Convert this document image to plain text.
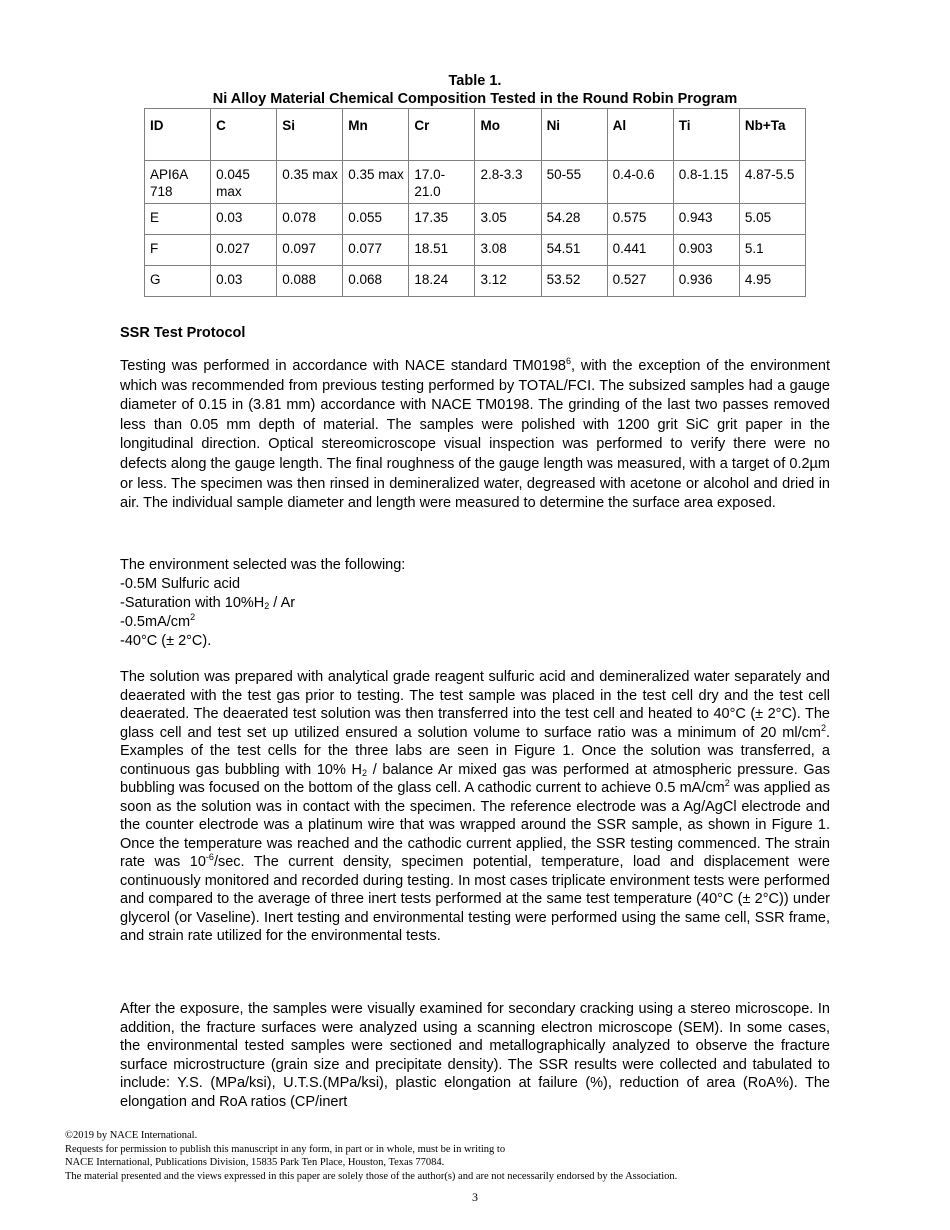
Table 1.
Ni Alloy Material Chemical Composition Tested in the Round Robin Program
ID	C	Si	Mn	Cr	Mo	Ni	Al	Ti	Nb+Ta
API6A 718	0.045 max	0.35 max	0.35 max	17.0-21.0	2.8-3.3	50-55	0.4-0.6	0.8-1.15	4.87-5.5
E	0.03	0.078	0.055	17.35	3.05	54.28	0.575	0.943	5.05
F	0.027	0.097	0.077	18.51	3.08	54.51	0.441	0.903	5.1
G	0.03	0.088	0.068	18.24	3.12	53.52	0.527	0.936	4.95
SSR Test Protocol

Testing was performed in accordance with NACE standard TM0198$^6$, with the exception of the environment which was recommended from previous testing performed by TOTAL/FCI. The subsized samples had a gauge diameter of 0.15 in (3.81 mm) accordance with NACE TM0198. The grinding of the last two passes removed less than 0.05 mm depth of material. The samples were polished with 1200 grit SiC grit paper in the longitudinal direction. Optical stereomicroscope visual inspection was performed to verify there were no defects along the gauge length. The final roughness of the gauge length was measured, with a target of 0.2µm or less. The specimen was then rinsed in demineralized water, degreased with acetone or alcohol and dried in air. The individual sample diameter and length were measured to determine the surface area exposed.

The environment selected was the following:
-0.5M Sulfuric acid
-Saturation with $10\%H_2$ / Ar
$-0.5mA/cm^2$
-40°C (± 2°C).

The solution was prepared with analytical grade reagent sulfuric acid and demineralized water separately and deaerated with the test gas prior to testing. The test sample was placed in the test cell dry and the test cell deaerated. The deaerated test solution was then transferred into the test cell and heated to 40°C (± 2°C). The glass cell and test set up utilized ensured a solution volume to surface ratio was a minimum of 20 $ml/cm^2$. Examples of the test cells for the three labs are seen in Figure 1. Once the solution was transferred, a continuous gas bubbling with 10% $H_2$ / balance Ar mixed gas was performed at atmospheric pressure. Gas bubbling was focused on the bottom of the glass cell. A cathodic current to achieve 0.5 $mA/cm^2$ was applied as soon as the solution was in contact with the specimen. The reference electrode was a Ag/AgCl electrode and the counter electrode was a platinum wire that was wrapped around the SSR sample, as shown in Figure 1. Once the temperature was reached and the cathodic current applied, the SSR testing commenced. The strain rate was $10^{-6}/\sec$. The current density, specimen potential, temperature, load and displacement were continuously monitored and recorded during testing. In most cases triplicate environment tests were performed and compared to the average of three inert tests performed at the same test temperature (40°C (± 2°C)) under glycerol (or Vaseline). Inert testing and environmental testing were performed using the same cell, SSR frame, and strain rate utilized for the environmental tests.

After the exposure, the samples were visually examined for secondary cracking using a stereo microscope. In addition, the fracture surfaces were analyzed using a scanning electron microscope (SEM). In some cases, the environmental tested samples were sectioned and metallographically analyzed to observe the fracture surface microstructure (grain size and precipitate density). The SSR results were collected and tabulated to include: Y.S. (MPa/ksi), U.T.S.(MPa/ksi), plastic elongation at failure (%), reduction of area (RoA%). The elongation and RoA ratios (CP/inert

©2019 by NACE International.
Requests for permission to publish this manuscript in any form, in part or in whole, must be in writing to
NACE International, Publications Division, 15835 Park Ten Place, Houston, Texas 77084.
The material presented and the views expressed in this paper are solely those of the author(s) and are not necessarily endorsed by the Association.
3
